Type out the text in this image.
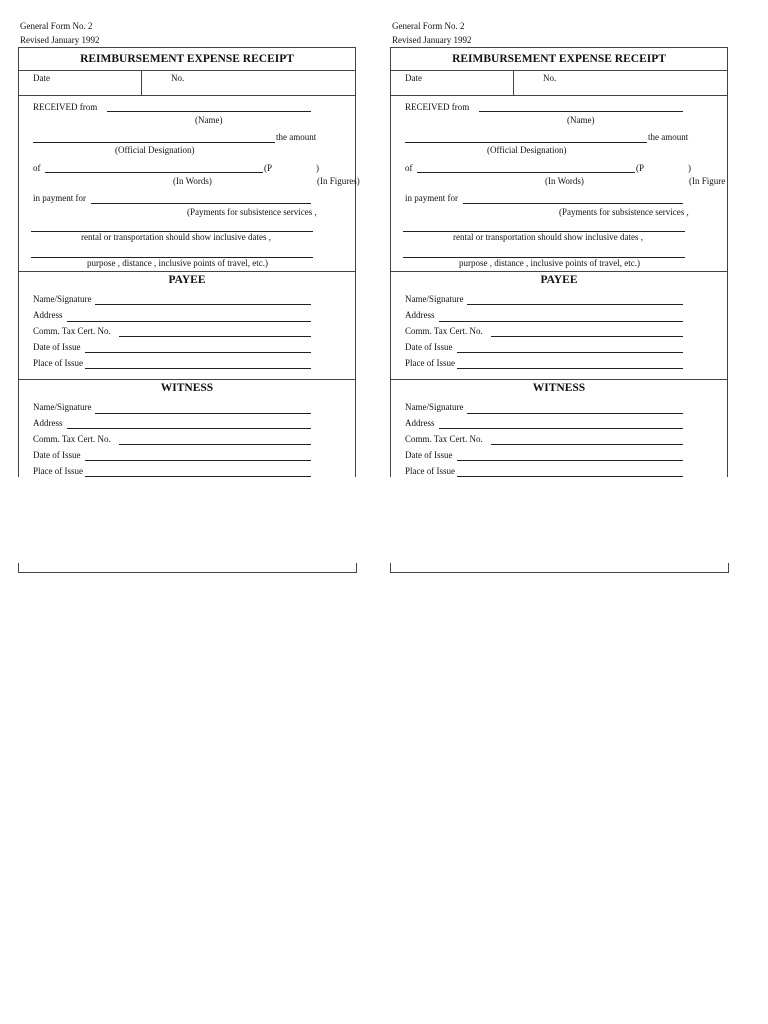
General Form No. 2
Revised January 1992
REIMBURSEMENT EXPENSE RECEIPT
Date	No.
RECEIVED from
(Name)
the amount
(Official Designation)
of	(P	)
(In Words)	(In Figures)
in payment for
(Payments for subsistence services ,
rental or transportation should show inclusive dates ,
purpose , distance , inclusive points of travel, etc.)
PAYEE
Name/Signature
Address
Comm. Tax Cert. No.
Date of Issue
Place of Issue
WITNESS
Name/Signature
Address
Comm. Tax Cert. No.
Date of Issue
Place of Issue
General Form No. 2
Revised January 1992
REIMBURSEMENT EXPENSE RECEIPT
Date	No.
RECEIVED from
(Name)
the amount
(Official Designation)
of	(P	)
(In Words)	(In Figure
in payment for
(Payments for subsistence services ,
rental or transportation should show inclusive dates ,
purpose , distance , inclusive points of travel, etc.)
PAYEE
Name/Signature
Address
Comm. Tax Cert. No.
Date of Issue
Place of Issue
WITNESS
Name/Signature
Address
Comm. Tax Cert. No.
Date of Issue
Place of Issue
